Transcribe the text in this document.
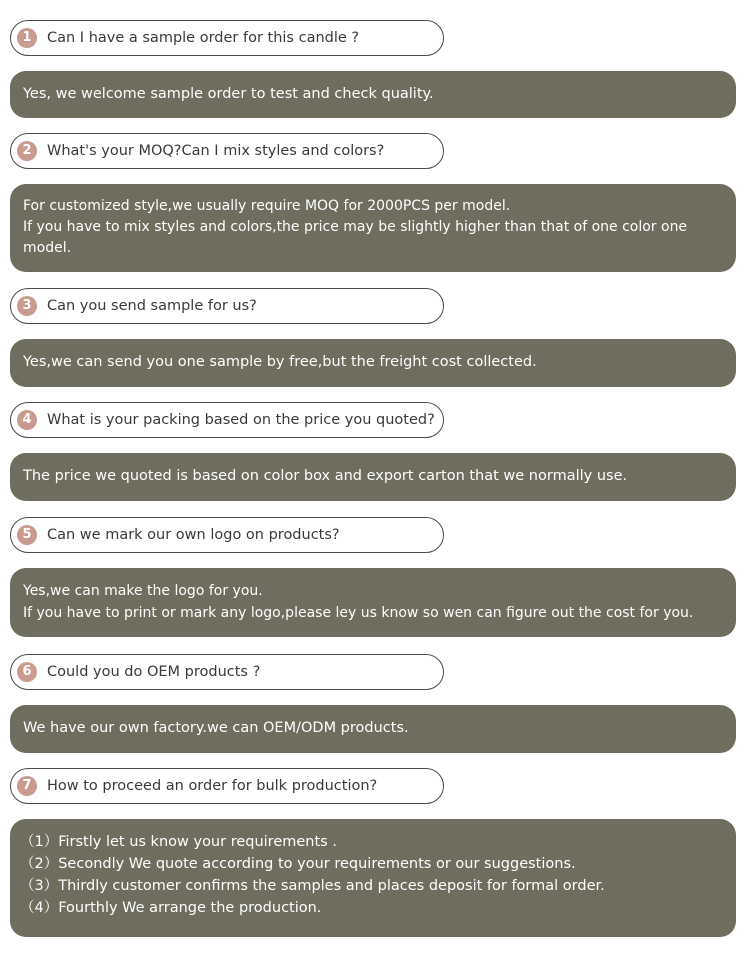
1	Can I have a sample order for this candle ?
Yes, we welcome sample order to test and check quality.
2	What's your MOQ?Can I mix styles and colors?
For customized style,we usually require MOQ for 2000PCS per model.
If you have to mix styles and colors,the price may be slightly higher than that of one color one
model.
3	Can you send sample for us?
Yes,we can send you one sample by free,but the freight cost collected.
4	What is your packing based on the price you quoted?
The price we quoted is based on color box and export carton that we normally use.
5	Can we mark our own logo on products?
Yes,we can make the logo for you.
If you have to print or mark any logo,please ley us know so wen can figure out the cost for you.
6	Could you do OEM products ?
We have our own factory.we can OEM/ODM products.
7	How to proceed an order for bulk production?
（1）Firstly let us know your requirements .
（2）Secondly We quote according to your requirements or our suggestions.
（3）Thirdly customer confirms the samples and places deposit for formal order.
（4）Fourthly We arrange the production.
